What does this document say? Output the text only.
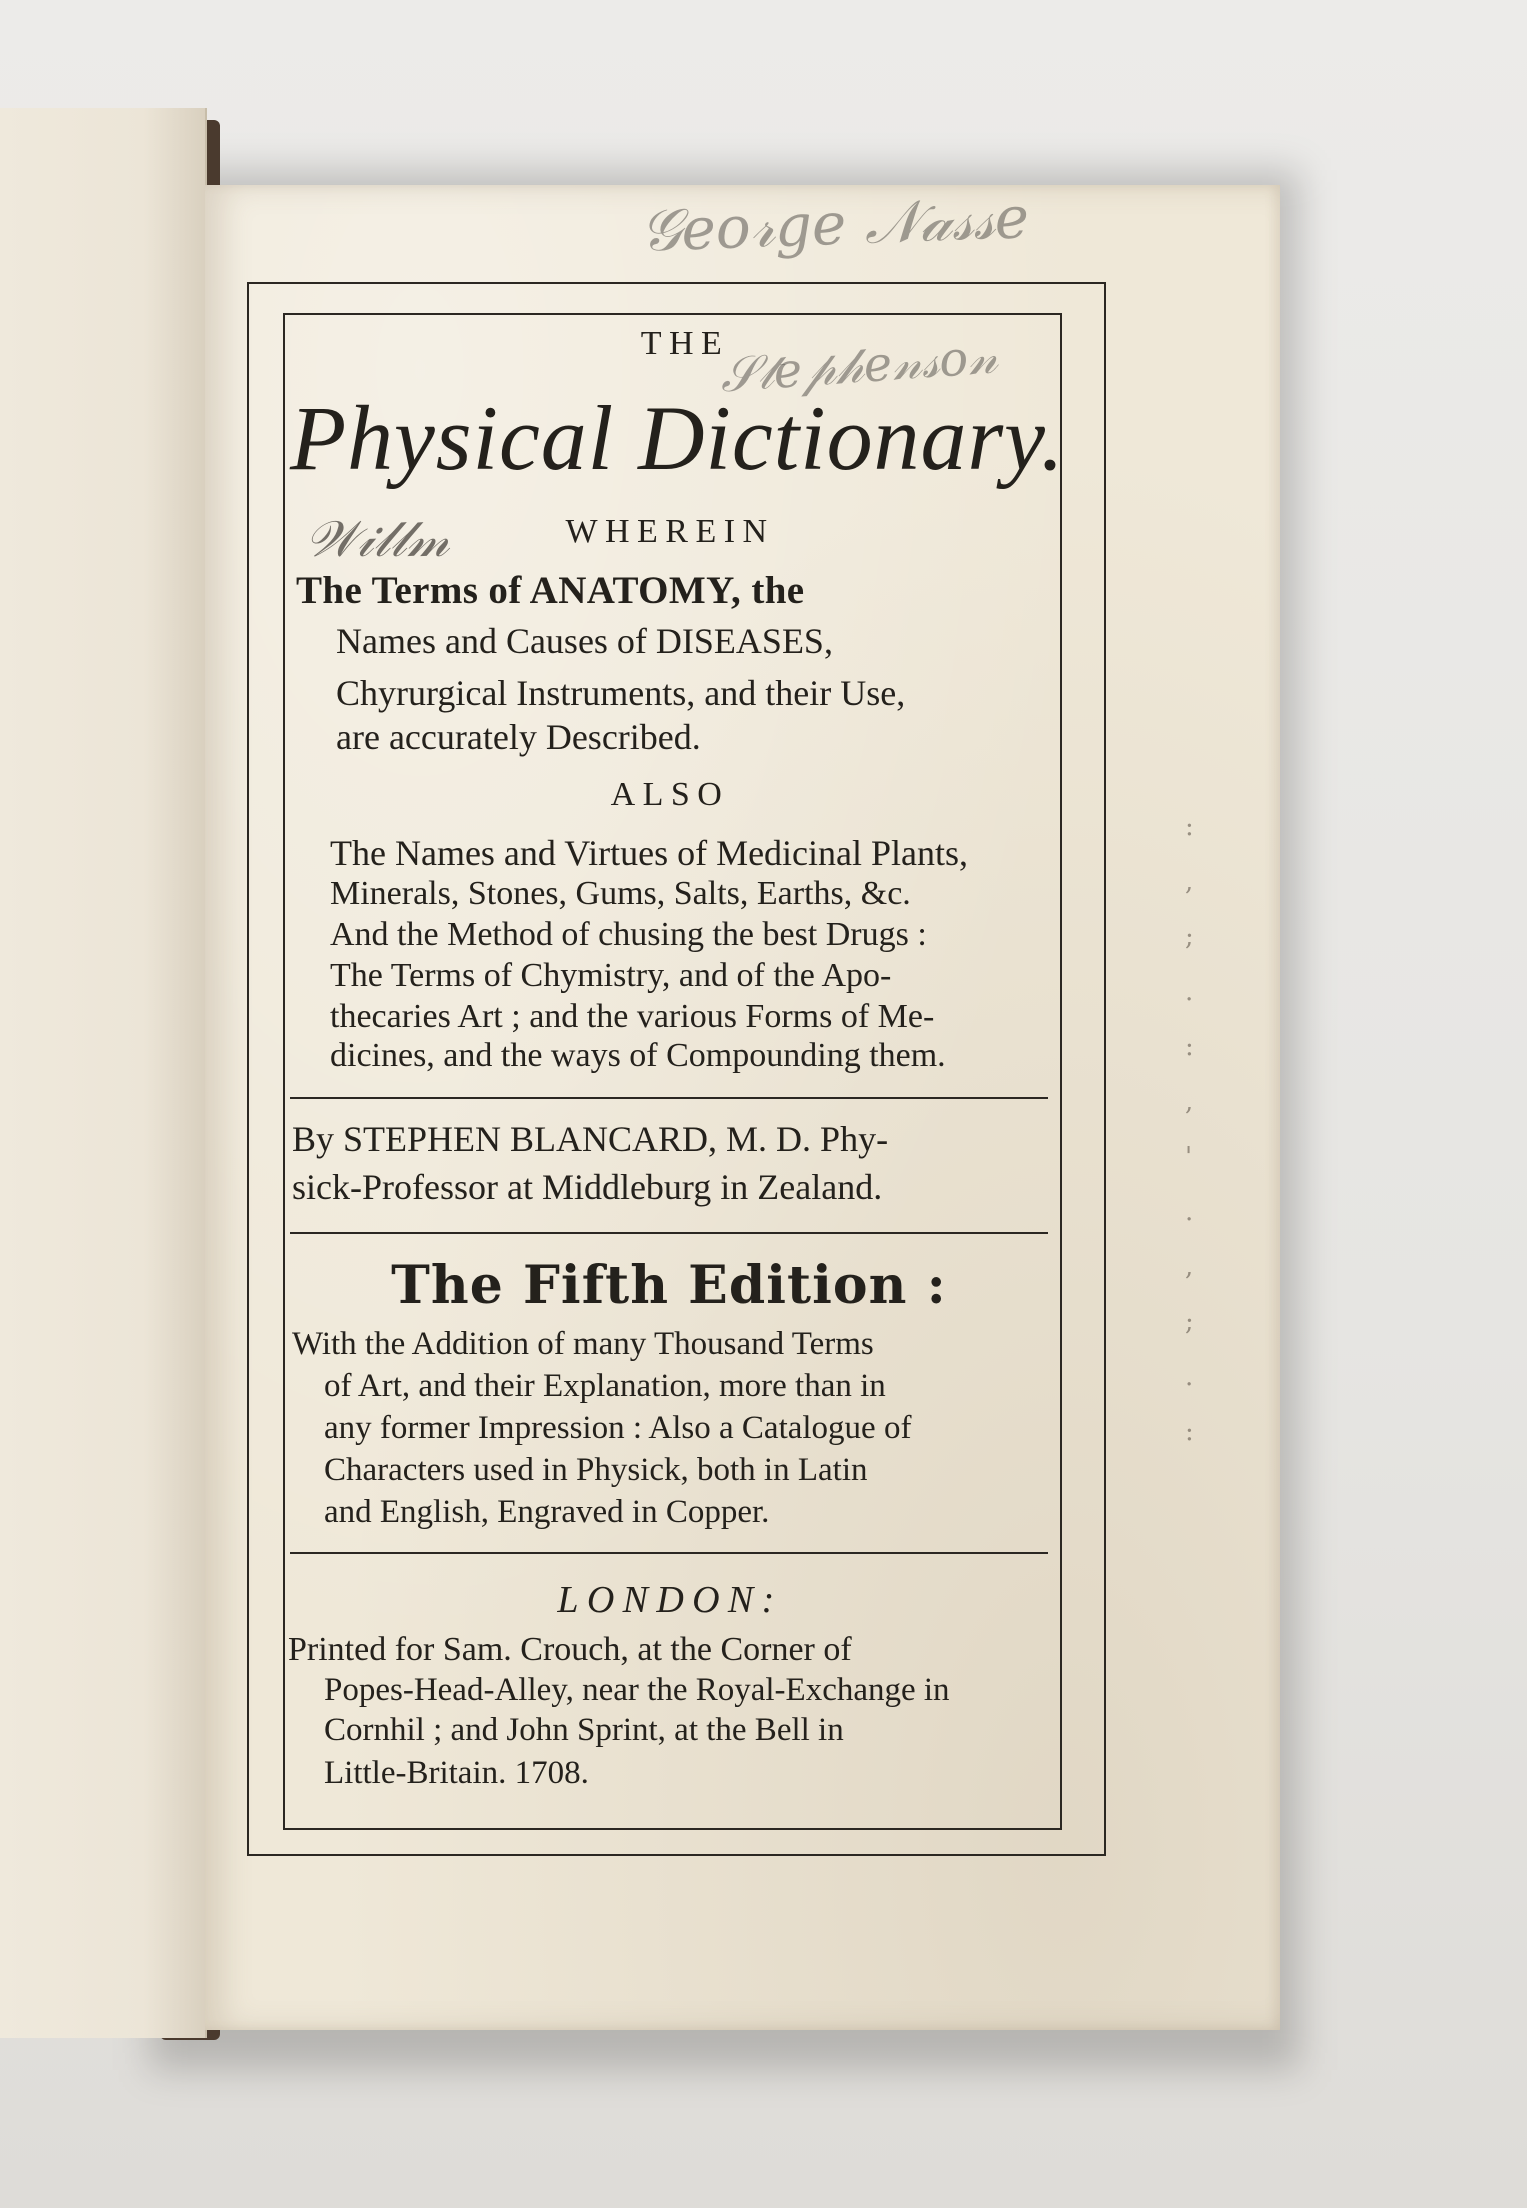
𝒢𝑒𝑜𝓇𝑔𝑒 𝒩𝒶𝓈𝓈𝑒
𝒮𝓉𝑒𝓅𝒽𝑒𝓃𝓈𝑜𝓃
𝒲𝒾𝓁𝓁𝓂
:
,
;
.
:
,
'
.
,
;
.
:
THE
Physical Dictionary.
WHEREIN
The Terms of ANATOMY, the
Names and Causes of DISEASES,
Chyrurgical Instruments, and their Use,
are accurately Described.
ALSO
The Names and Virtues of Medicinal Plants,
Minerals, Stones, Gums, Salts, Earths, &c.
And the Method of chusing the best Drugs :
The Terms of Chymistry, and of the Apo-
thecaries Art ; and the various Forms of Me-
dicines, and the ways of Compounding them.
By STEPHEN BLANCARD, M. D. Phy-
sick-Professor at Middleburg in Zealand.
The Fifth Edition :
With the Addition of many Thousand Terms
of Art, and their Explanation, more than in
any former Impression : Also a Catalogue of
Characters used in Physick, both in Latin
and English, Engraved in Copper.
LONDON:
Printed for Sam. Crouch, at the Corner of
Popes-Head-Alley, near the Royal-Exchange in
Cornhil ; and John Sprint, at the Bell in
Little-Britain. 1708.
